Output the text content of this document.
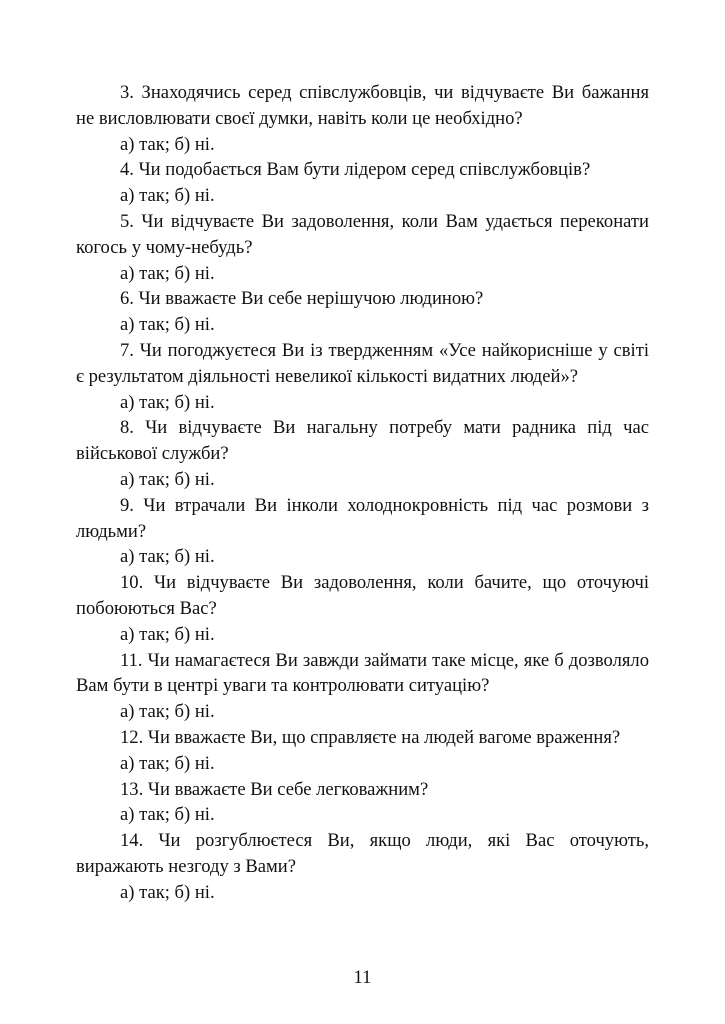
3. Знаходячись серед співслужбовців, чи відчуваєте Ви бажання не висловлювати своєї думки, навіть коли це необхідно?

а) так; б) ні.

4. Чи подобається Вам бути лідером серед співслужбовців?

а) так; б) ні.

5. Чи відчуваєте Ви задоволення, коли Вам удається переконати когось у чому-небудь?

а) так; б) ні.

6. Чи вважаєте Ви себе нерішучою людиною?

а) так; б) ні.

7. Чи погоджуєтеся Ви із твердженням «Усе найкорисніше у світі є результатом діяльності невеликої кількості видатних людей»?

а) так; б) ні.

8. Чи відчуваєте Ви нагальну потребу мати радника під час військової служби?

а) так; б) ні.

9. Чи втрачали Ви інколи холоднокровність під час розмови з людьми?

а) так; б) ні.

10. Чи відчуваєте Ви задоволення, коли бачите, що оточуючі побоюються Вас?

а) так; б) ні.

11. Чи намагаєтеся Ви завжди займати таке місце, яке б дозволяло Вам бути в центрі уваги та контролювати ситуацію?

а) так; б) ні.

12. Чи вважаєте Ви, що справляєте на людей вагоме враження?

а) так; б) ні.

13. Чи вважаєте Ви себе легковажним?

а) так; б) ні.

14. Чи розгублюєтеся Ви, якщо люди, які Вас оточують, виражають незгоду з Вами?

а) так; б) ні.

11
